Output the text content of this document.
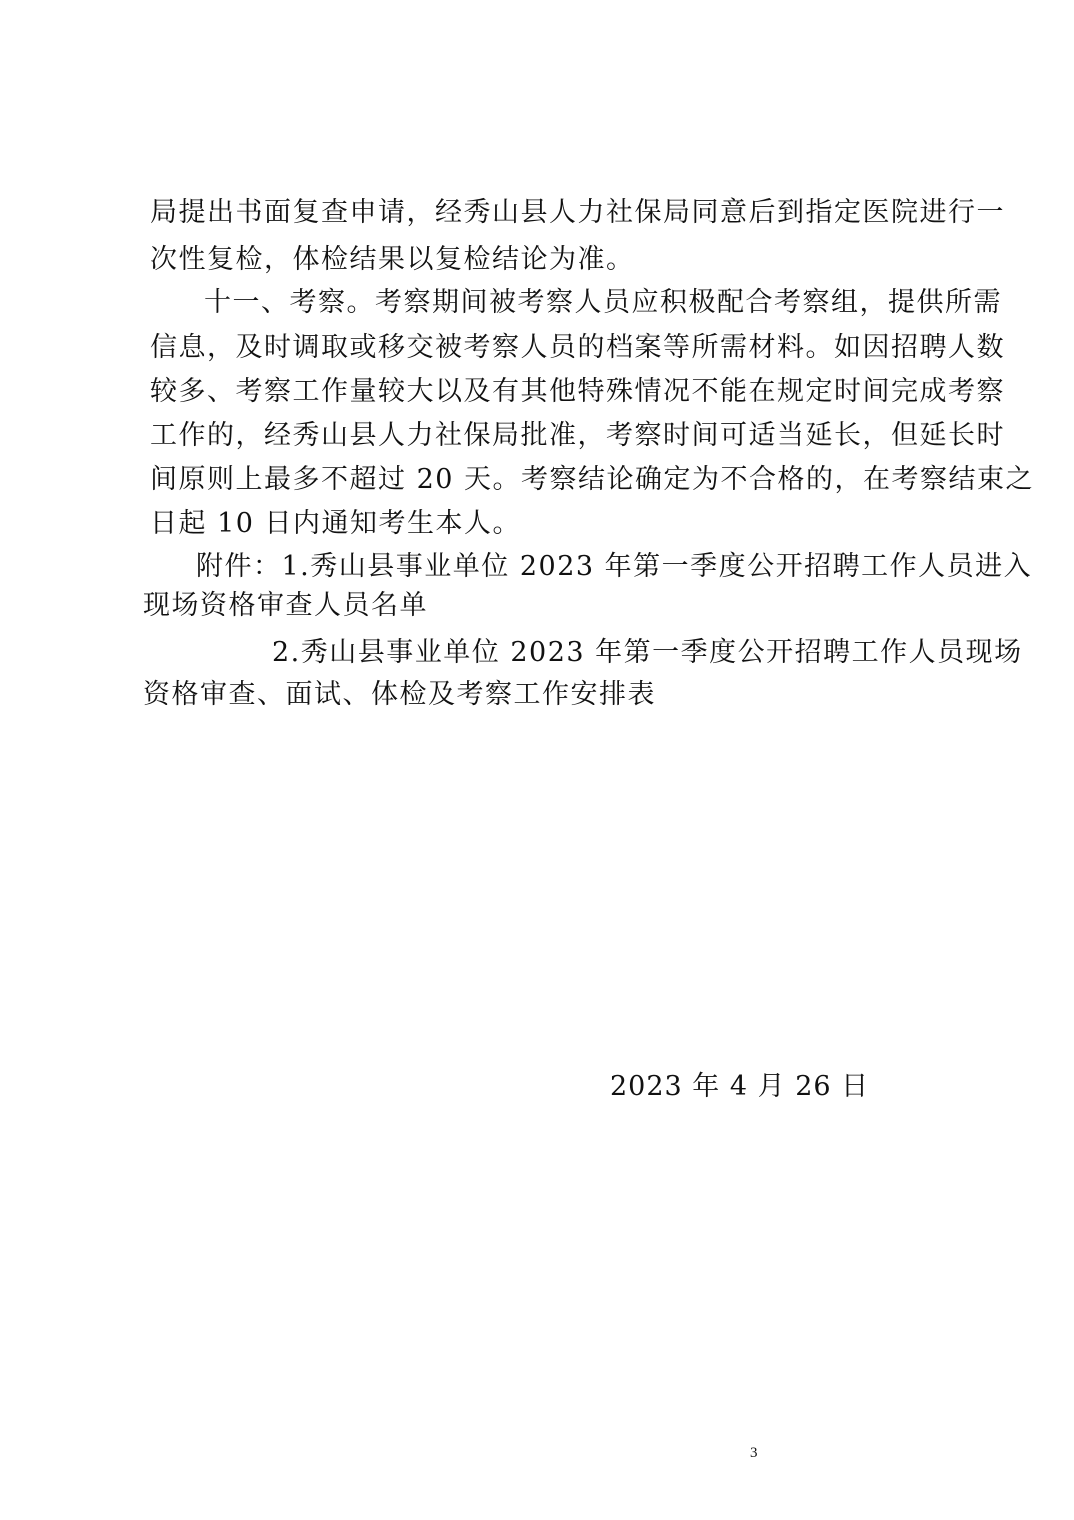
局提出书面复查申请，经秀山县人力社保局同意后到指定医院进行一
次性复检，体检结果以复检结论为准。
十一、考察。考察期间被考察人员应积极配合考察组，提供所需
信息，及时调取或移交被考察人员的档案等所需材料。如因招聘人数
较多、考察工作量较大以及有其他特殊情况不能在规定时间完成考察
工作的，经秀山县人力社保局批准，考察时间可适当延长，但延长时
间原则上最多不超过 20 天。考察结论确定为不合格的，在考察结束之
日起 10 日内通知考生本人。
附件：1.秀山县事业单位 2023 年第一季度公开招聘工作人员进入
现场资格审查人员名单
2.秀山县事业单位 2023 年第一季度公开招聘工作人员现场
资格审查、面试、体检及考察工作安排表
2023 年 4 月 26 日
3
